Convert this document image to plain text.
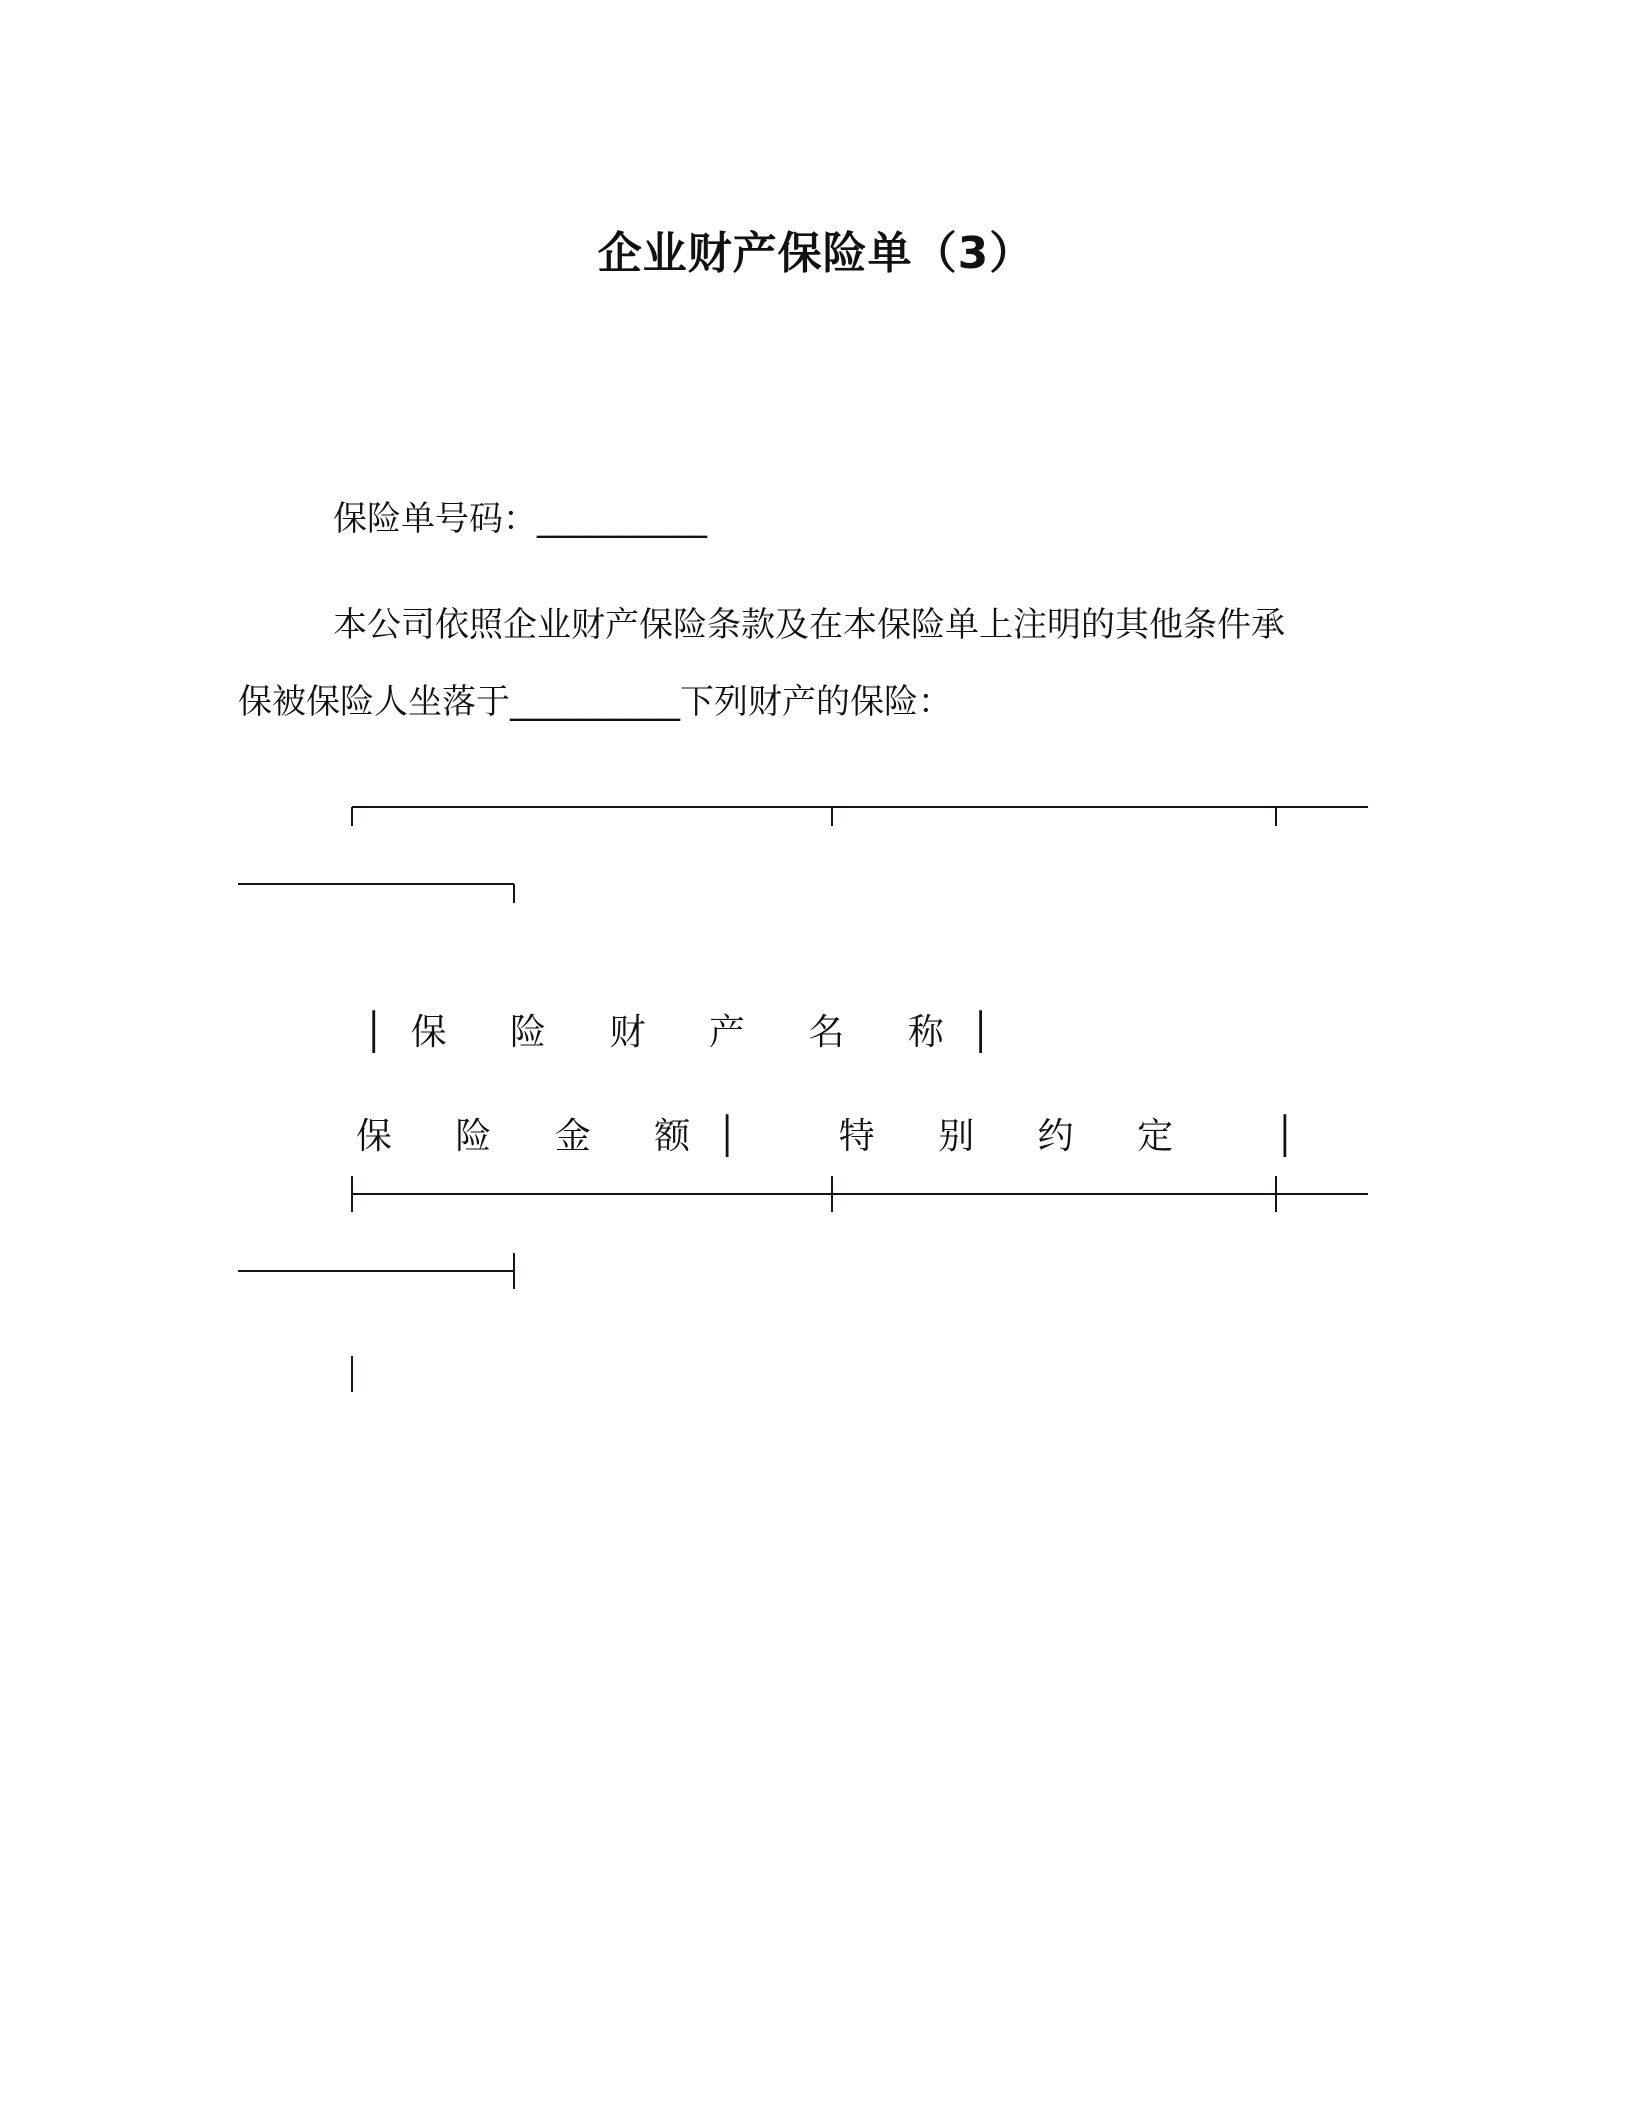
企业财产保险单（3）
保险单号码：__________
本公司依照企业财产保险条款及在本保险单上注明的其他条件承
保被保险人坐落于__________下列财产的保险：

│保 险 财 产 名 称│

保 险 金 额│  特 别 约 定  │
